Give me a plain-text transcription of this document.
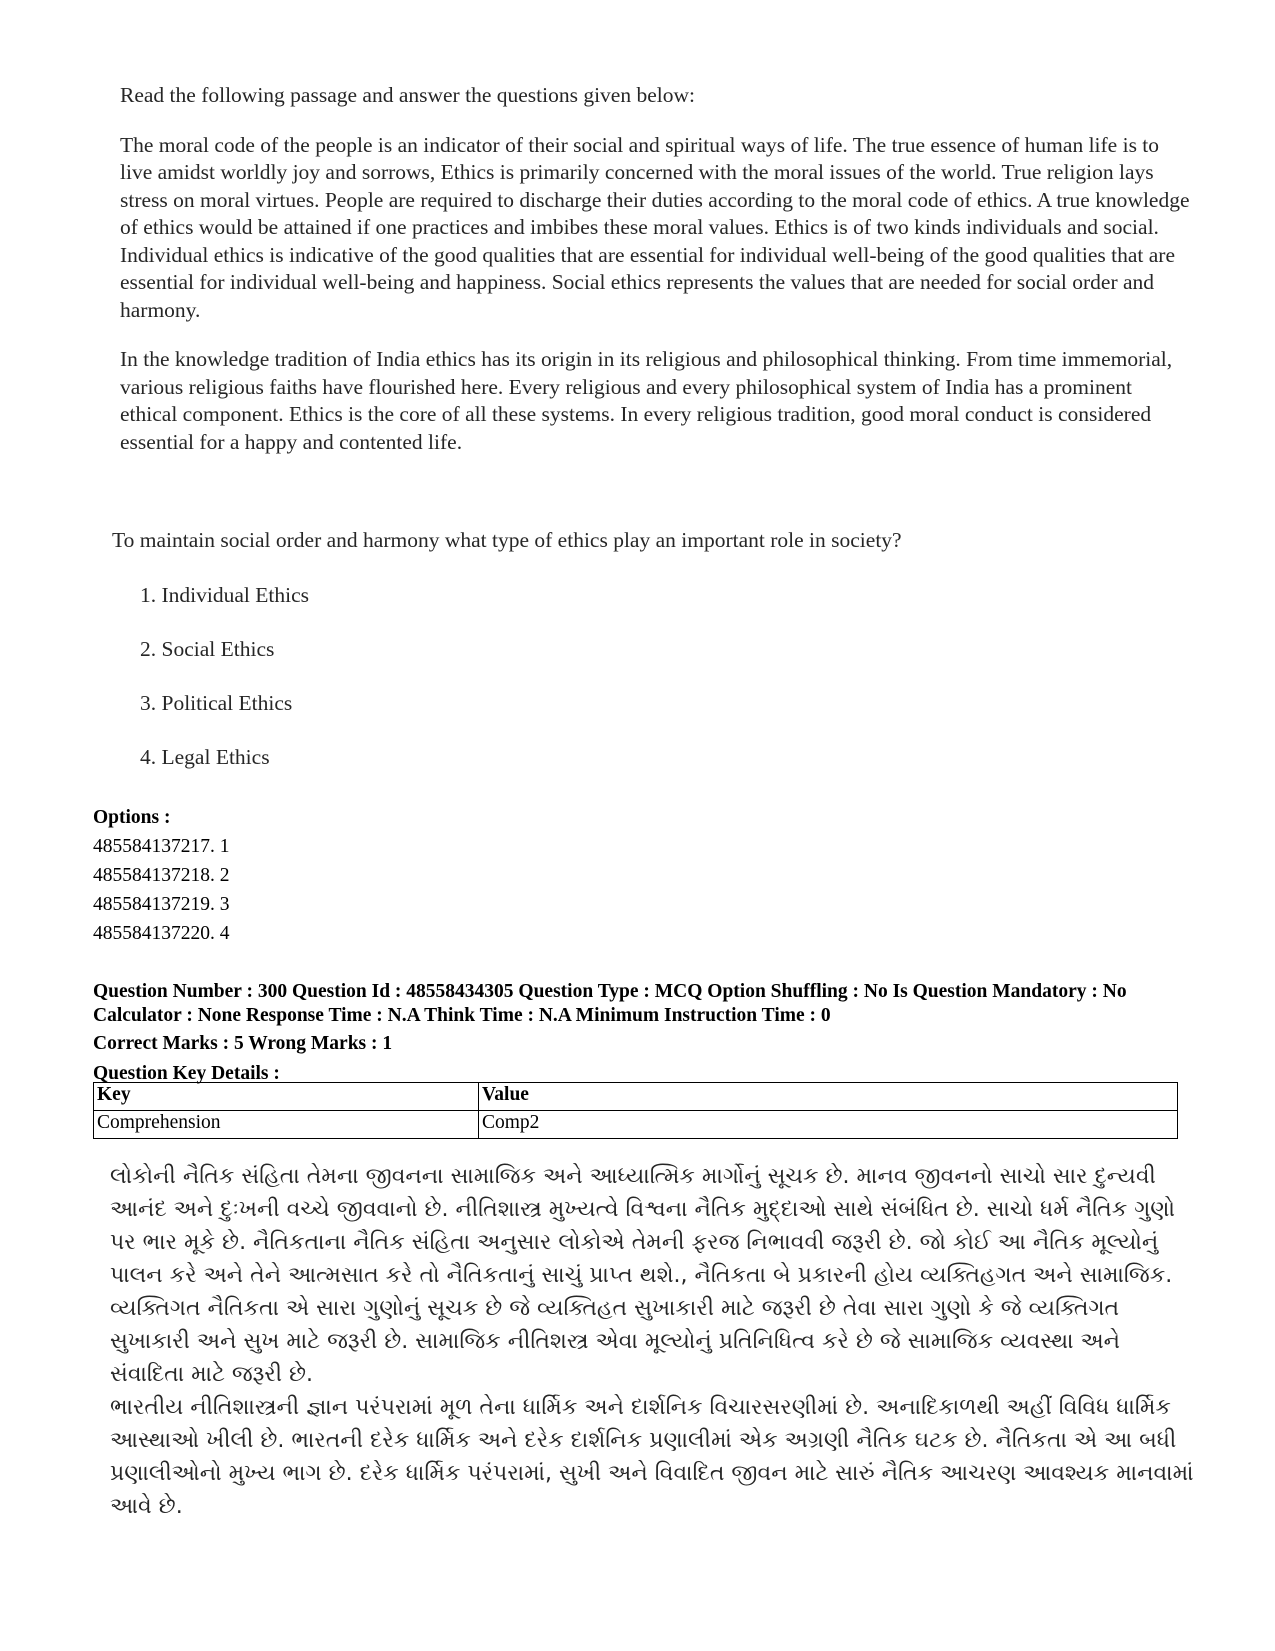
Read the following passage and answer the questions given below:
The moral code of the people is an indicator of their social and spiritual ways of life. The true essence of human life is to live amidst worldly joy and sorrows, Ethics is primarily concerned with the moral issues of the world. True religion lays stress on moral virtues. People are required to discharge their duties according to the moral code of ethics. A true knowledge of ethics would be attained if one practices and imbibes these moral values. Ethics is of two kinds individuals and social. Individual ethics is indicative of the good qualities that are essential for individual well-being of the good qualities that are essential for individual well-being and happiness. Social ethics represents the values that are needed for social order and harmony.
In the knowledge tradition of India ethics has its origin in its religious and philosophical thinking. From time immemorial, various religious faiths have flourished here. Every religious and every philosophical system of India has a prominent ethical component. Ethics is the core of all these systems. In every religious tradition, good moral conduct is considered essential for a happy and contented life.
To maintain social order and harmony what type of ethics play an important role in society?
1. Individual Ethics
2. Social Ethics
3. Political Ethics
4. Legal Ethics
Options :
485584137217. 1
485584137218. 2
485584137219. 3
485584137220. 4
Question Number : 300 Question Id : 48558434305 Question Type : MCQ Option Shuffling : No Is Question Mandatory : No Calculator : None Response Time : N.A Think Time : N.A Minimum Instruction Time : 0
Correct Marks : 5 Wrong Marks : 1
Question Key Details :
Key	Value
Comprehension	Comp2

લોકોની નૈતિક સંહિતા તેમના જીવનના સામાજિક અને આધ્યાત્મિક માર્ગોનું સૂચક છે. માનવ જીવનનો સાચો સાર દુન્યવી આનંદ અને દુઃખની વચ્ચે જીવવાનો છે. નીતિશાસ્ત્ર મુખ્યત્વે વિશ્વના નૈતિક મુદ્દાઓ સાથે સંબંધિત છે. સાચો ધર્મ નૈતિક ગુણો પર ભાર મૂકે છે. નૈતિકતાના નૈતિક સંહિતા અનુસાર લોકોએ તેમની ફરજ નિભાવવી જરૂરી છે. જો કોઈ આ નૈતિક મૂલ્યોનું પાલન કરે અને તેને આત્મસાત કરે તો નૈતિકતાનું સાચું પ્રાપ્ત થશે., નૈતિકતા બે પ્રકારની હોય વ્યક્તિહગત અને સામાજિક. વ્યક્તિગત નૈતિકતા એ સારા ગુણોનું સૂચક છે જે વ્યક્તિહત સુખાકારી માટે જરૂરી છે તેવા સારા ગુણો કે જે વ્યક્તિગત સુખાકારી અને સુખ માટે જરૂરી છે. સામાજિક નીતિશસ્ત્ર એવા મૂલ્યોનું પ્રતિનિધિત્વ કરે છે જે સામાજિક વ્યવસ્થા અને સંવાદિતા માટે જરૂરી છે.

ભારતીય નીતિશાસ્ત્રની જ્ઞાન પરંપરામાં મૂળ તેના ધાર્મિક અને દાર્શનિક વિચારસરણીમાં છે. અનાદિકાળથી અહીં વિવિધ ધાર્મિક આસ્થાઓ ખીલી છે. ભારતની દરેક ધાર્મિક અને દરેક દાર્શનિક પ્રણાલીમાં એક અગ્રણી નૈતિક ઘટક છે. નૈતિકતા એ આ બધી પ્રણાલીઓનો મુખ્ય ભાગ છે. દરેક ધાર્મિક પરંપરામાં, સુખી અને વિવાદિત જીવન માટે સારું નૈતિક આચરણ આવશ્યક માનવામાં આવે છે.
